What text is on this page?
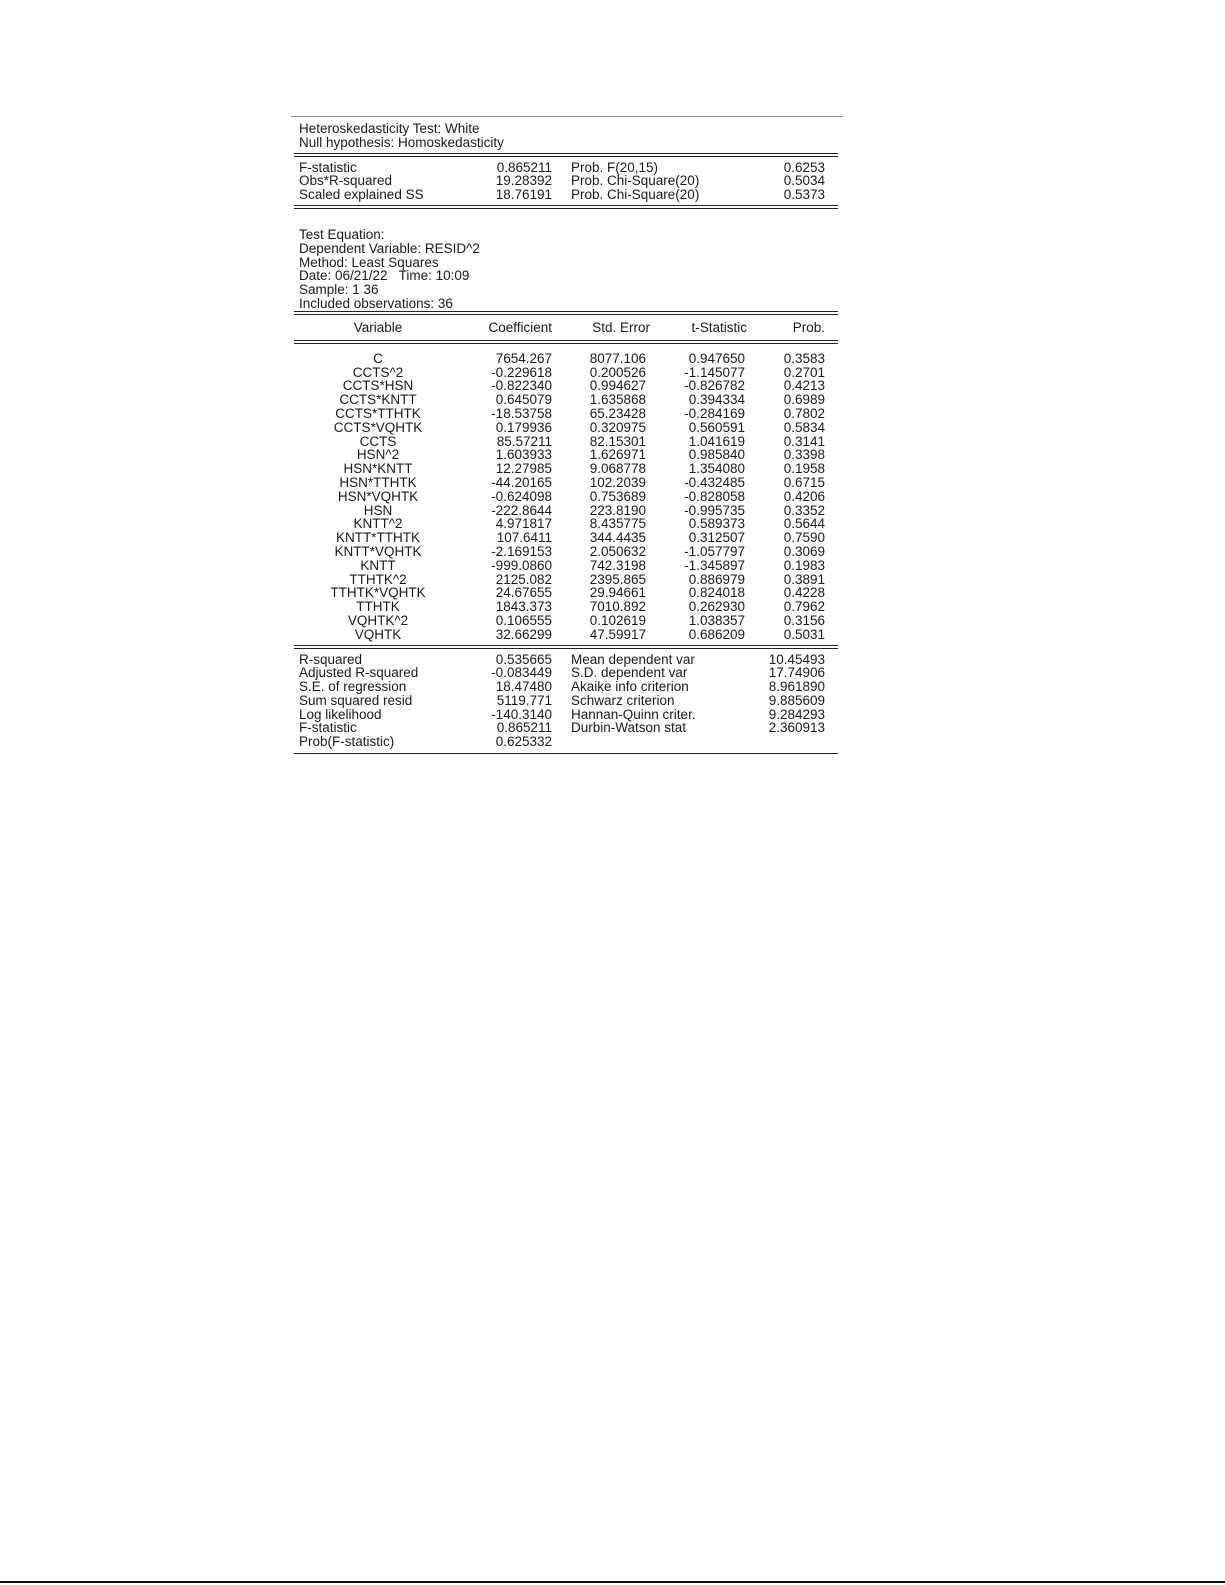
Heteroskedasticity Test: White
Null hypothesis: Homoskedasticity
F-statistic	0.865211 Prob. F(20,15)	0.6253
Obs*R-squared	19.28392 Prob. Chi-Square(20)	0.5034
Scaled explained SS	18.76191 Prob. Chi-Square(20)	0.5373
Test Equation:
Dependent Variable: RESID^2
Method: Least Squares
Date: 06/21/22   Time: 10:09
Sample: 1 36
Included observations: 36
Variable	Coefficient	Std. Error	t-Statistic	Prob.
C	7654.267	8077.106	0.947650	0.3583
CCTS^2	-0.229618	0.200526	-1.145077	0.2701
CCTS*HSN	-0.822340	0.994627	-0.826782	0.4213
CCTS*KNTT	0.645079	1.635868	0.394334	0.6989
CCTS*TTHTK	-18.53758	65.23428	-0.284169	0.7802
CCTS*VQHTK	0.179936	0.320975	0.560591	0.5834
CCTS	85.57211	82.15301	1.041619	0.3141
HSN^2	1.603933	1.626971	0.985840	0.3398
HSN*KNTT	12.27985	9.068778	1.354080	0.1958
HSN*TTHTK	-44.20165	102.2039	-0.432485	0.6715
HSN*VQHTK	-0.624098	0.753689	-0.828058	0.4206
HSN	-222.8644	223.8190	-0.995735	0.3352
KNTT^2	4.971817	8.435775	0.589373	0.5644
KNTT*TTHTK	107.6411	344.4435	0.312507	0.7590
KNTT*VQHTK	-2.169153	2.050632	-1.057797	0.3069
KNTT	-999.0860	742.3198	-1.345897	0.1983
TTHTK^2	2125.082	2395.865	0.886979	0.3891
TTHTK*VQHTK	24.67655	29.94661	0.824018	0.4228
TTHTK	1843.373	7010.892	0.262930	0.7962
VQHTK^2	0.106555	0.102619	1.038357	0.3156
VQHTK	32.66299	47.59917	0.686209	0.5031
R-squared	0.535665 Mean dependent var	10.45493
Adjusted R-squared	-0.083449 S.D. dependent var	17.74906
S.E. of regression	18.47480 Akaike info criterion	8.961890
Sum squared resid	5119.771 Schwarz criterion	9.885609
Log likelihood	-140.3140 Hannan-Quinn criter.	9.284293
F-statistic	0.865211 Durbin-Watson stat	2.360913
Prob(F-statistic)	0.625332
